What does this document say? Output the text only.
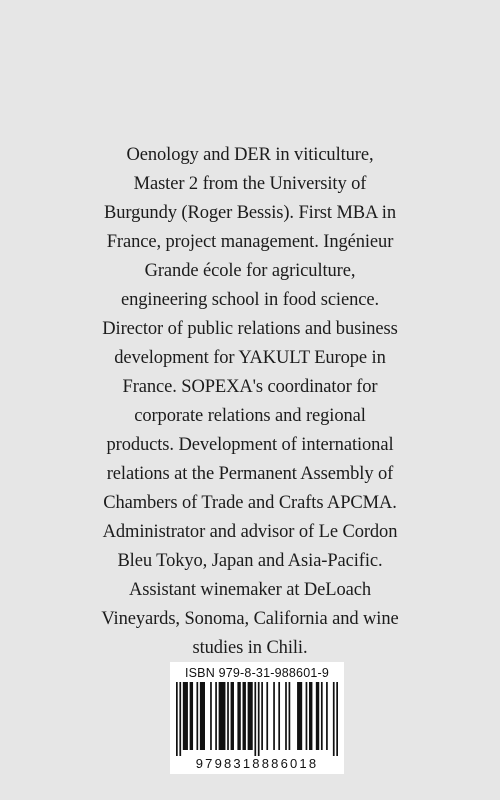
Oenology and DER in viticulture,
Master 2 from the University of
Burgundy (Roger Bessis). First MBA in
France, project management. Ingénieur
Grande école for agriculture,
engineering school in food science.
Director of public relations and business
development for YAKULT Europe in
France. SOPEXA's coordinator for
corporate relations and regional
products. Development of international
relations at the Permanent Assembly of
Chambers of Trade and Crafts APCMA.
Administrator and advisor of Le Cordon
Bleu Tokyo, Japan and Asia-Pacific.
Assistant winemaker at DeLoach
Vineyards, Sonoma, California and wine
studies in Chili.
ISBN 979-8-31-988601-9
9798318886018
